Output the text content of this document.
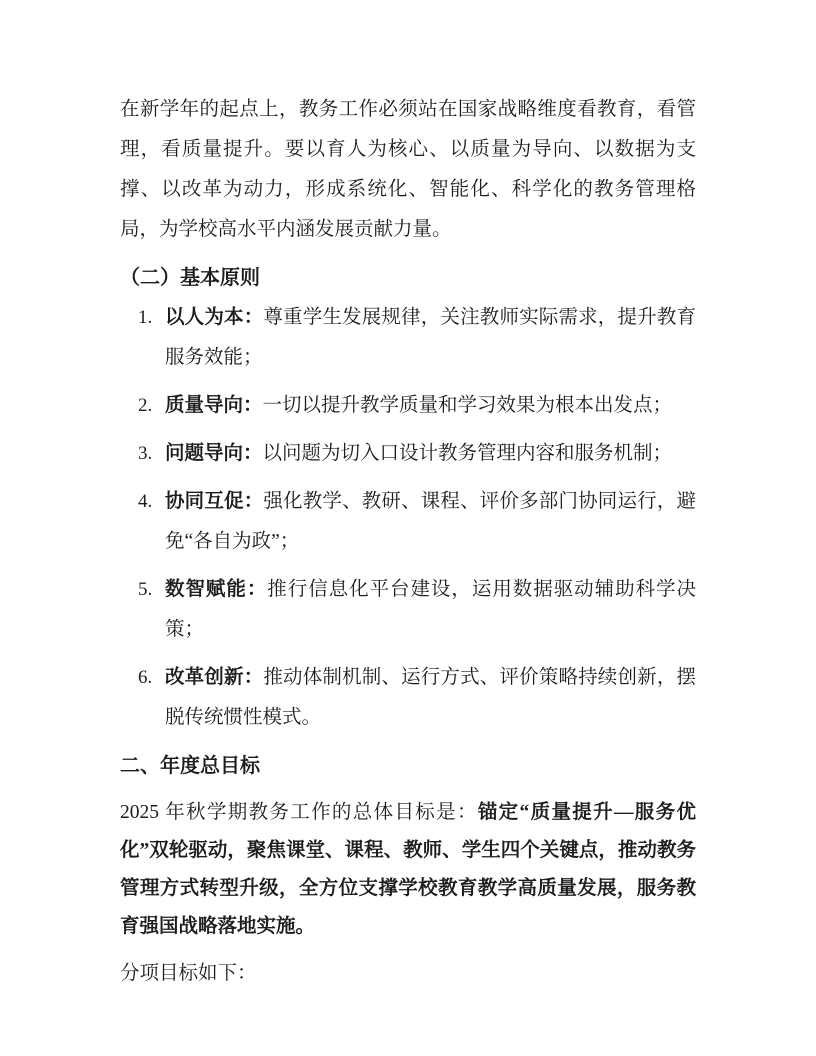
在新学年的起点上，教务工作必须站在国家战略维度看教育，看管理，看质量提升。要以育人为核心、以质量为导向、以数据为支撑、以改革为动力，形成系统化、智能化、科学化的教务管理格局，为学校高水平内涵发展贡献力量。

（二）基本原则
1. 以人为本：尊重学生发展规律，关注教师实际需求，提升教育服务效能；
2. 质量导向：一切以提升教学质量和学习效果为根本出发点；
3. 问题导向：以问题为切入口设计教务管理内容和服务机制；
4. 协同互促：强化教学、教研、课程、评价多部门协同运行，避免“各自为政”；
5. 数智赋能：推行信息化平台建设，运用数据驱动辅助科学决策；
6. 改革创新：推动体制机制、运行方式、评价策略持续创新，摆脱传统惯性模式。
二、年度总目标

2025 年秋学期教务工作的总体目标是：锚定“质量提升—服务优化”双轮驱动，聚焦课堂、课程、教师、学生四个关键点，推动教务管理方式转型升级，全方位支撑学校教育教学高质量发展，服务教育强国战略落地实施。

分项目标如下：
